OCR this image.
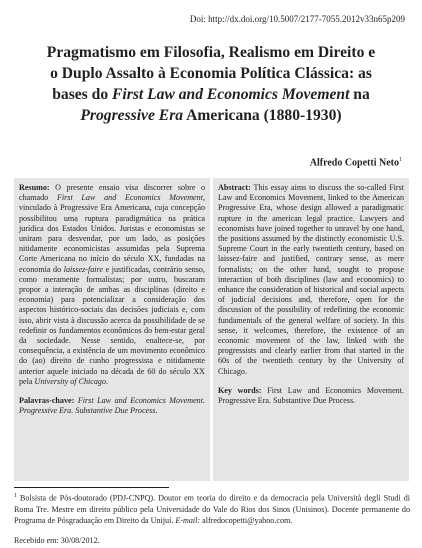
Doi: http://dx.doi.org/10.5007/2177-7055.2012v33n65p209
Pragmatismo em Filosofia, Realismo em Direito e
o Duplo Assalto à Economia Política Clássica: as
bases do First Law and Economics Movement na
Progressive Era Americana (1880-1930)
Alfredo Copetti Neto$^1$

Resumo: O presente ensaio visa discorrer sobre o chamado First Law and Economics Movement, vinculado à Progressive Era Americana, cuja concepção possibilitou uma ruptura paradigmática na prática jurídica dos Estados Unidos. Juristas e economistas se uniram para desvendar, por um lado, as posições nitidamente economicistas assumidas pela Suprema Corte Americana no início do século XX, fundadas na economia do laissez-faire e justificadas, contrário senso, como meramente formalistas; por outro, buscaram propor a interação de ambas as disciplinas (direito e economia) para potencializar a consideração dos aspectos histórico-sociais das decisões judiciais e, com isso, abrir vista à discussão acerca da possibilidade de se redefinir os fundamentos econômicos do bem-estar geral da sociedade. Nesse sentido, enaltece-se, por consequência, a existência de um movimento econômico do (ao) direito de cunho progressista e nitidamente anterior aquele iniciado na década de 60 do século XX pela University of Chicago.

Palavras-chave: First Law and Economics Movement. Progressive Era. Substantive Due Process.

Abstract: This essay aims to discuss the so-called First Law and Economics Movement, linked to the American Progressive Era, whose design allowed a paradigmatic rupture in the american legal practice. Lawyers and economists have joined together to unravel by one hand, the positions assumed by the distinctly economistic U.S. Supreme Court in the early twentieth century, based on laissez-faire and justified, contrary sense, as mere formalists; on the other hand, sought to propose interaction of both disciplines (law and economics) to enhance the consideration of historical and social aspects of judicial decisions and, therefore, open for the discussion of the possibility of redefining the economic fundamentals of the general welfare of society. In this sense, it welcomes, therefore, the existence of an economic movement of the law, linked with the progressists and clearly earlier from that started in the 60s of the twentieth century by the University of Chicago.

Key words: First Law and Economics Movement. Progressive Era. Substantive Due Process.

$^1$ Bolsista de Pós-doutorado (PDJ-CNPQ). Doutor em teoria do direito e da democracia pela Università degli Studi di Roma Tre. Mestre em direito público pela Universidade do Vale do Rios dos Sinos (Unisinos). Docente permanente do Programa de Pósgraduação em Direito da Unijuí. E-mail: alfredocopetti@yahoo.com.

Recebido em: 30/08/2012.
